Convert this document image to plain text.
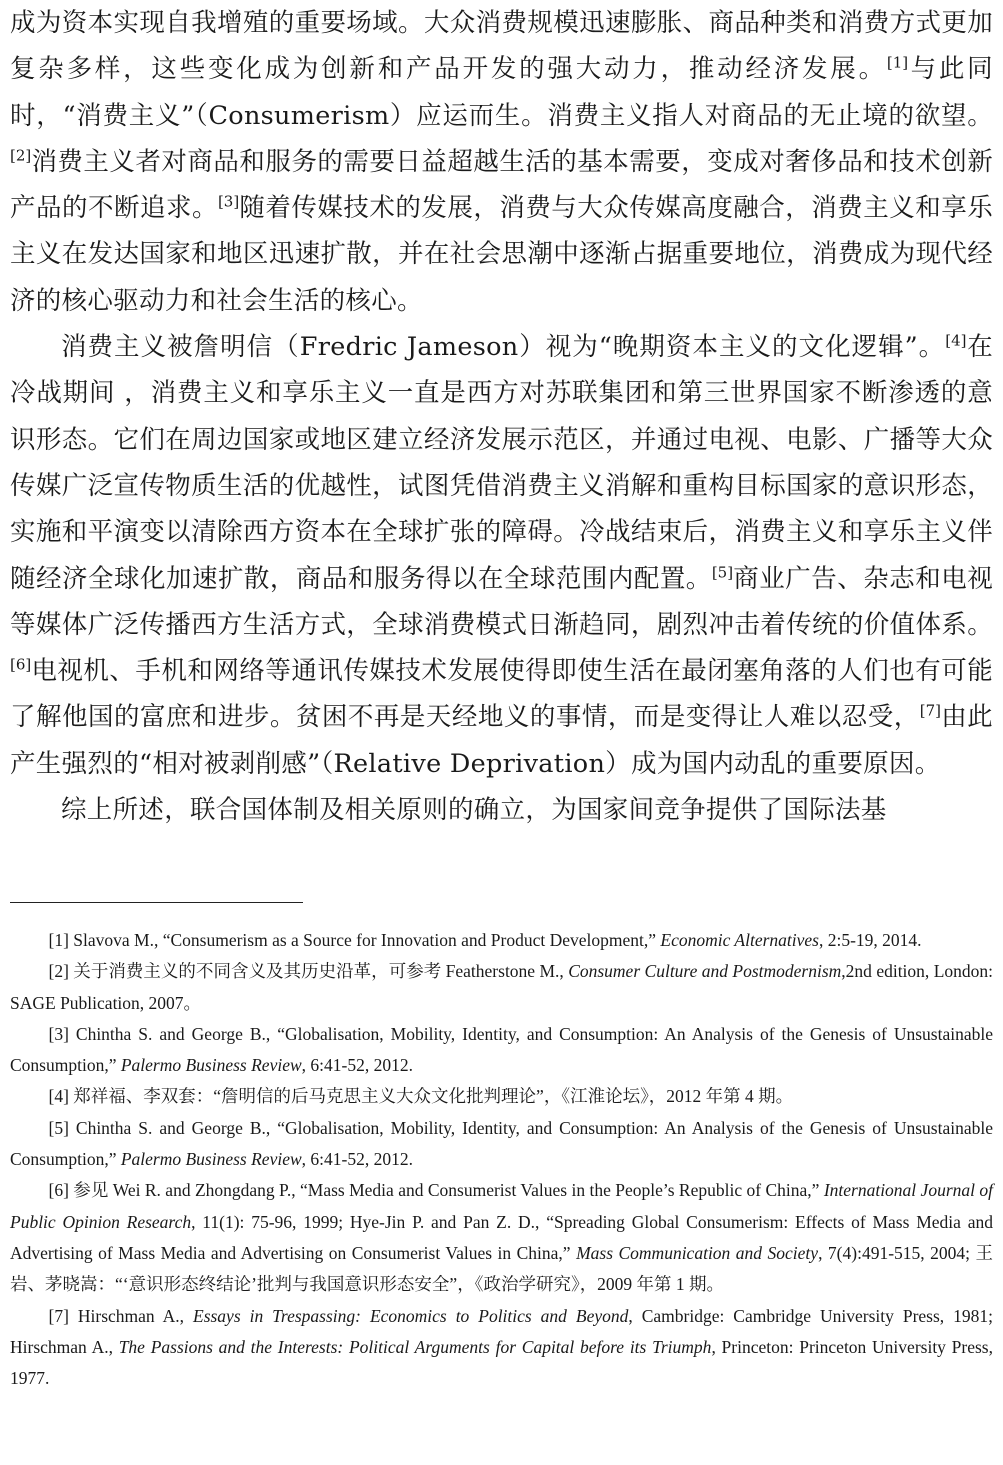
成为资本实现自我增殖的重要场域。大众消费规模迅速膨胀、商品种类和消费方式更加复杂多样，这些变化成为创新和产品开发的强大动力，推动经济发展。[1]与此同时，“消费主义”（Consumerism）应运而生。消费主义指人对商品的无止境的欲望。[2]消费主义者对商品和服务的需要日益超越生活的基本需要，变成对奢侈品和技术创新产品的不断追求。[3]随着传媒技术的发展，消费与大众传媒高度融合，消费主义和享乐主义在发达国家和地区迅速扩散，并在社会思潮中逐渐占据重要地位，消费成为现代经济的核心驱动力和社会生活的核心。

消费主义被詹明信（Fredric Jameson）视为“晚期资本主义的文化逻辑”。[4]在冷战期间 ，消费主义和享乐主义一直是西方对苏联集团和第三世界国家不断渗透的意识形态。它们在周边国家或地区建立经济发展示范区，并通过电视、电影、广播等大众传媒广泛宣传物质生活的优越性，试图凭借消费主义消解和重构目标国家的意识形态，实施和平演变以清除西方资本在全球扩张的障碍。冷战结束后，消费主义和享乐主义伴随经济全球化加速扩散，商品和服务得以在全球范围内配置。[5]商业广告、杂志和电视等媒体广泛传播西方生活方式，全球消费模式日渐趋同，剧烈冲击着传统的价值体系。[6]电视机、手机和网络等通讯传媒技术发展使得即使生活在最闭塞角落的人们也有可能了解他国的富庶和进步。贫困不再是天经地义的事情，而是变得让人难以忍受，[7]由此产生强烈的“相对被剥削感”（Relative Deprivation）成为国内动乱的重要原因。

综上所述，联合国体制及相关原则的确立，为国家间竞争提供了国际法基

[1] Slavova M., “Consumerism as a Source for Innovation and Product Development,” Economic Alternatives, 2:5-19, 2014.

[2] 关于消费主义的不同含义及其历史沿革，可参考 Featherstone M., Consumer Culture and Postmodernism,2nd edition, London: SAGE Publication, 2007。

[3] Chintha S. and George B., “Globalisation, Mobility, Identity, and Consumption: An Analysis of the Genesis of Unsustainable Consumption,” Palermo Business Review, 6:41-52, 2012.

[4] 郑祥福、李双套：“詹明信的后马克思主义大众文化批判理论”，《江淮论坛》，2012 年第 4 期。

[5] Chintha S. and George B., “Globalisation, Mobility, Identity, and Consumption: An Analysis of the Genesis of Unsustainable Consumption,” Palermo Business Review, 6:41-52, 2012.

[6] 参见 Wei R. and Zhongdang P., “Mass Media and Consumerist Values in the People’s Republic of China,” International Journal of Public Opinion Research, 11(1): 75-96, 1999; Hye-Jin P. and Pan Z. D., “Spreading Global Consumerism: Effects of Mass Media and Advertising of Mass Media and Advertising on Consumerist Values in China,” Mass Communication and Society, 7(4):491-515, 2004; 王岩、茅晓嵩：“‘意识形态终结论’批判与我国意识形态安全”，《政治学研究》，2009 年第 1 期。

[7] Hirschman A., Essays in Trespassing: Economics to Politics and Beyond, Cambridge: Cambridge University Press, 1981; Hirschman A., The Passions and the Interests: Political Arguments for Capital before its Triumph, Princeton: Princeton University Press, 1977.
